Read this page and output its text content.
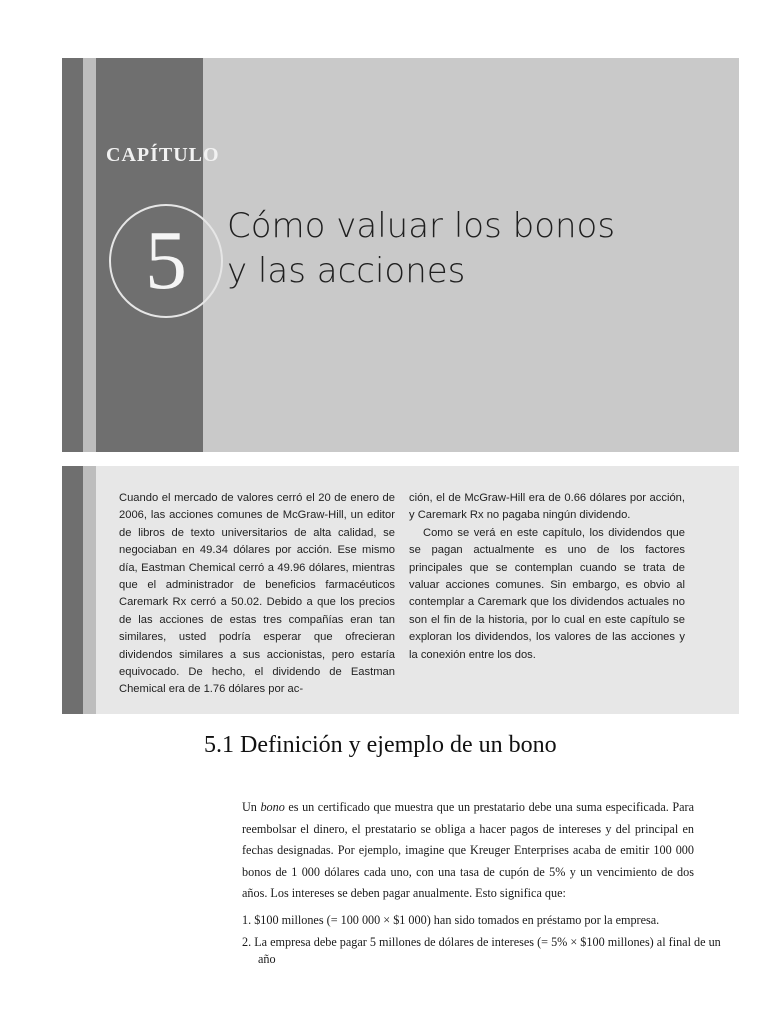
CAPÍTULO
5	Cómo valuar los bonos
y las acciones

Cuando el mercado de valores cerró el 20 de enero de 2006, las acciones comunes de McGraw-Hill, un editor de libros de texto universitarios de alta calidad, se negociaban en 49.34 dólares por acción. Ese mismo día, Eastman Chemical cerró a 49.96 dólares, mientras que el administrador de beneficios farmacéuticos Caremark Rx cerró a 50.02. Debido a que los precios de las acciones de estas tres compañías eran tan similares, usted podría esperar que ofrecieran dividendos similares a sus accionistas, pero estaría equivocado. De hecho, el dividendo de Eastman Chemical era de 1.76 dólares por ac-

ción, el de McGraw-Hill era de 0.66 dólares por acción, y Caremark Rx no pagaba ningún dividendo.

Como se verá en este capítulo, los dividendos que se pagan actualmente es uno de los factores principales que se contemplan cuando se trata de valuar acciones comunes. Sin embargo, es obvio al contemplar a Caremark que los dividendos actuales no son el fin de la historia, por lo cual en este capítulo se exploran los dividendos, los valores de las acciones y la conexión entre los dos.

5.1 Definición y ejemplo de un bono

Un bono es un certificado que muestra que un prestatario debe una suma especificada. Para reembolsar el dinero, el prestatario se obliga a hacer pagos de intereses y del principal en fechas designadas. Por ejemplo, imagine que Kreuger Enterprises acaba de emitir 100 000 bonos de 1 000 dólares cada uno, con una tasa de cupón de 5% y un vencimiento de dos años. Los intereses se deben pagar anualmente. Esto significa que:

1. $100 millones (= 100 000 × $1 000) han sido tomados en préstamo por la empresa.
2. La empresa debe pagar 5 millones de dólares de intereses (= 5% × $100 millones) al final de un
año
